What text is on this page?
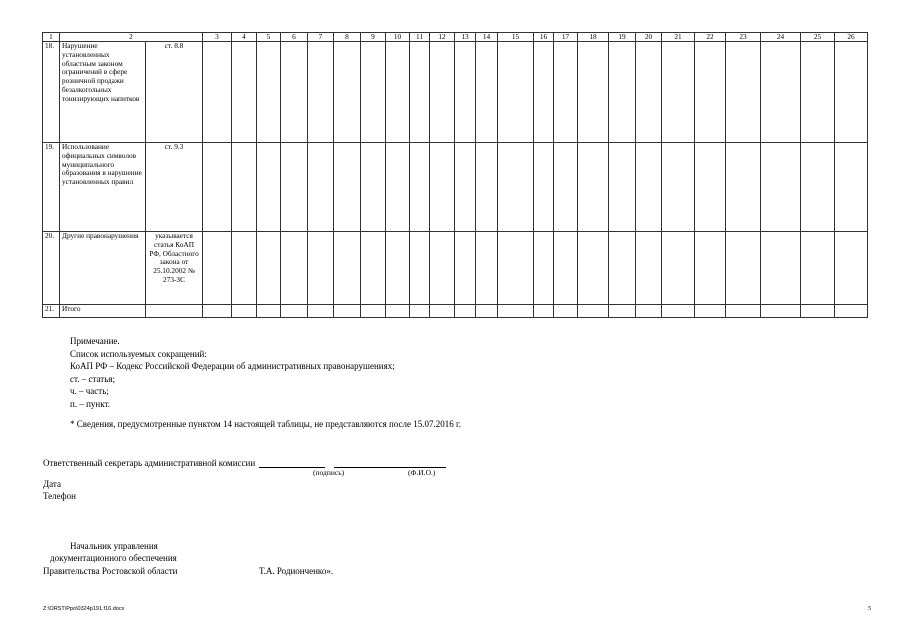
1	2		3	4	5	6	7	8	9	10	11	12	13	14	15	16	17	18	19	20	21	22	23	24	25	26
18.	Нарушение установленных областным законом ограничений в сфере розничной продажи безалкогольных тонизирующих напитков	ст. 8.8																								
19.	Использование официальных символов муниципального образования в нарушение установленных правил	ст. 9.3																								
20.	Другие правонарушения	указывается статья КоАП РФ, Областного закона от 25.10.2002 № 273-ЗС																								
21.	Итого																									
Примечание.
Список используемых сокращений:
КоАП РФ – Кодекс Российской Федерации об административных правонарушениях;
ст. – статья;
ч. – часть;
п. – пункт.
* Сведения, предусмотренные пунктом 14 настоящей таблицы, не представляются после 15.07.2016 г.
Ответственный секретарь административной комиссии
(подпись)	(Ф.И.О.)
Дата
Телефон
Начальник управления
документационного обеспечения
Правительства Ростовской области	Т.А. Родионченко».
Z:\ORST\Ppo\0324p191.f16.docx	5
